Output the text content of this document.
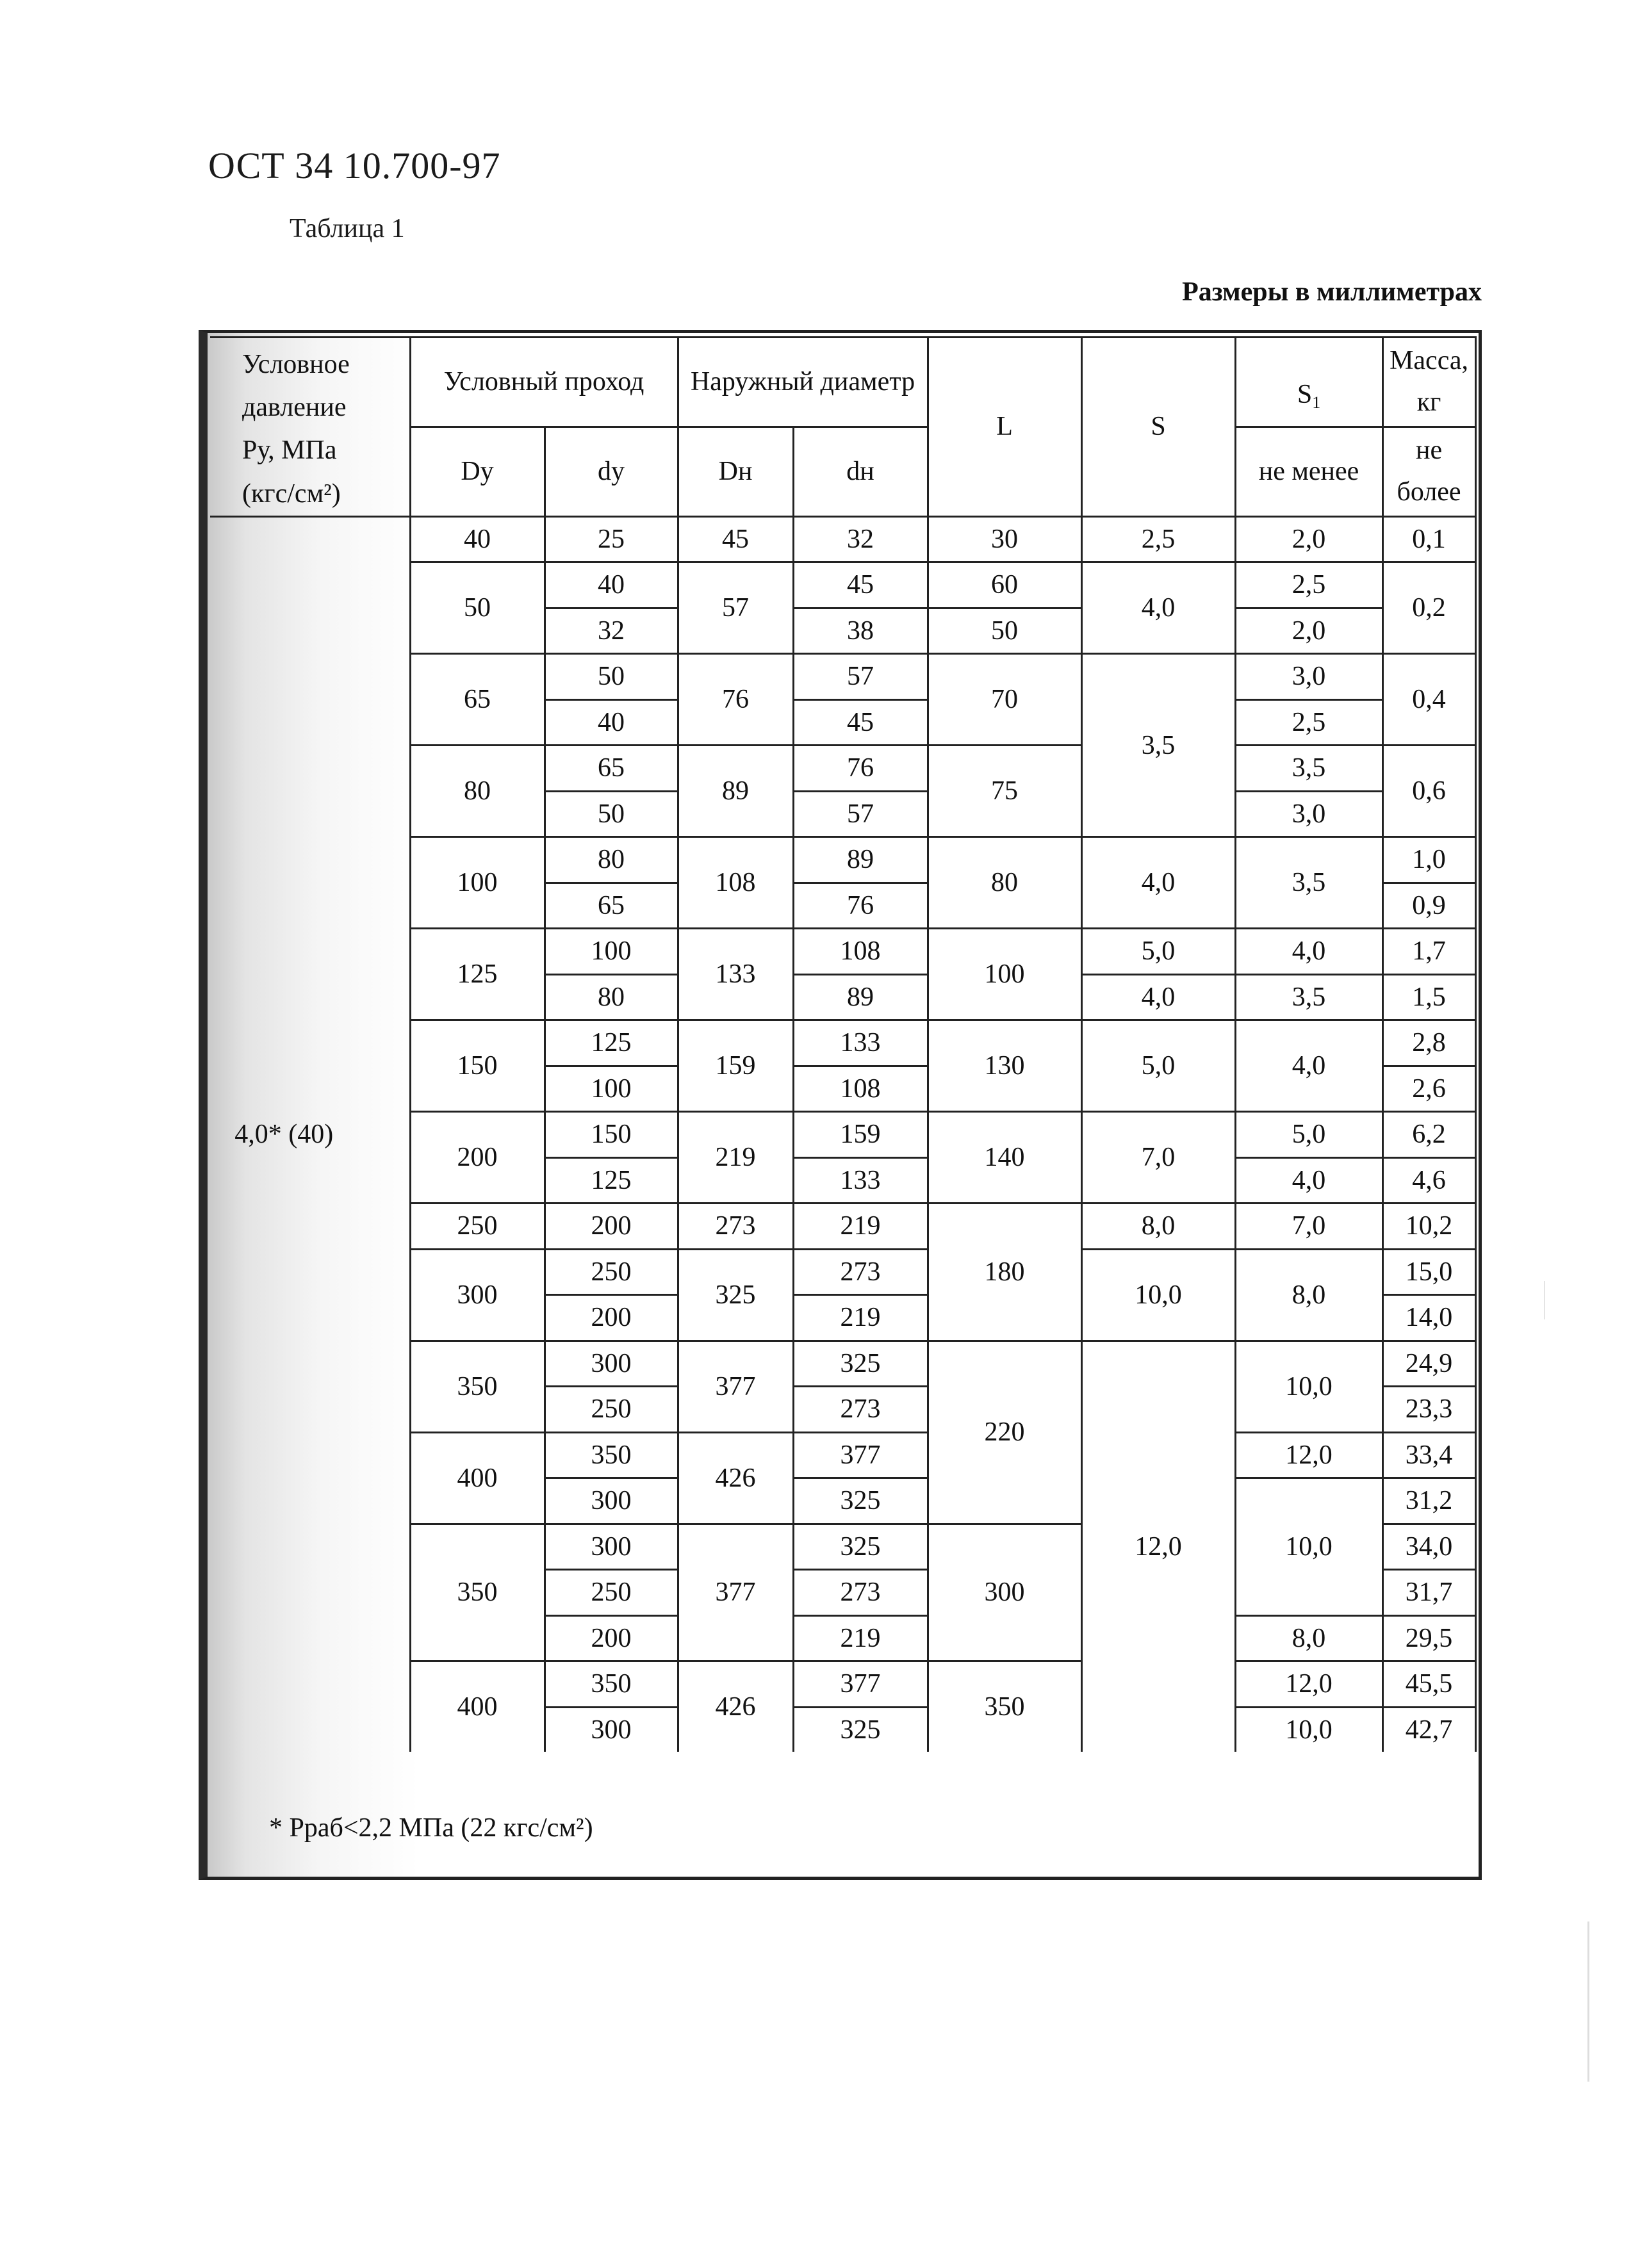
ОСТ 34 10.700-97
Таблица 1
Размеры в миллиметрах
Условное
давление
Ру, МПа
(кгс/см²)	Условный проход		Наружный диаметр		L	S	S1	Масса, кг
	Dу	dу	Dн	dн			не менее	не более
4,0* (40)	40	25	45	32	30	2,5	2,0	0,1
	50	40	57	45	60	4,0	2,5	0,2
		32		38	50		2,0	
	65	50	76	57	70	3,5	3,0	0,4
		40		45			2,5	
	80	65	89	76	75		3,5	0,6
		50		57			3,0	
	100	80	108	89	80	4,0	3,5	1,0
		65		76				0,9
	125	100	133	108	100	5,0	4,0	1,7
		80		89		4,0	3,5	1,5
	150	125	159	133	130	5,0	4,0	2,8
		100		108				2,6
	200	150	219	159	140	7,0	5,0	6,2
		125		133			4,0	4,6
	250	200	273	219	180	8,0	7,0	10,2
	300	250	325	273		10,0	8,0	15,0
		200		219				14,0
	350	300	377	325	220	12,0	10,0	24,9
		250		273				23,3
	400	350	426	377			12,0	33,4
		300		325			10,0	31,2
	350	300	377	325	300			34,0
		250		273				31,7
		200		219			8,0	29,5
	400	350	426	377	350		12,0	45,5
		300		325			10,0	42,7
* Рраб<2,2 МПа (22 кгс/см²)
